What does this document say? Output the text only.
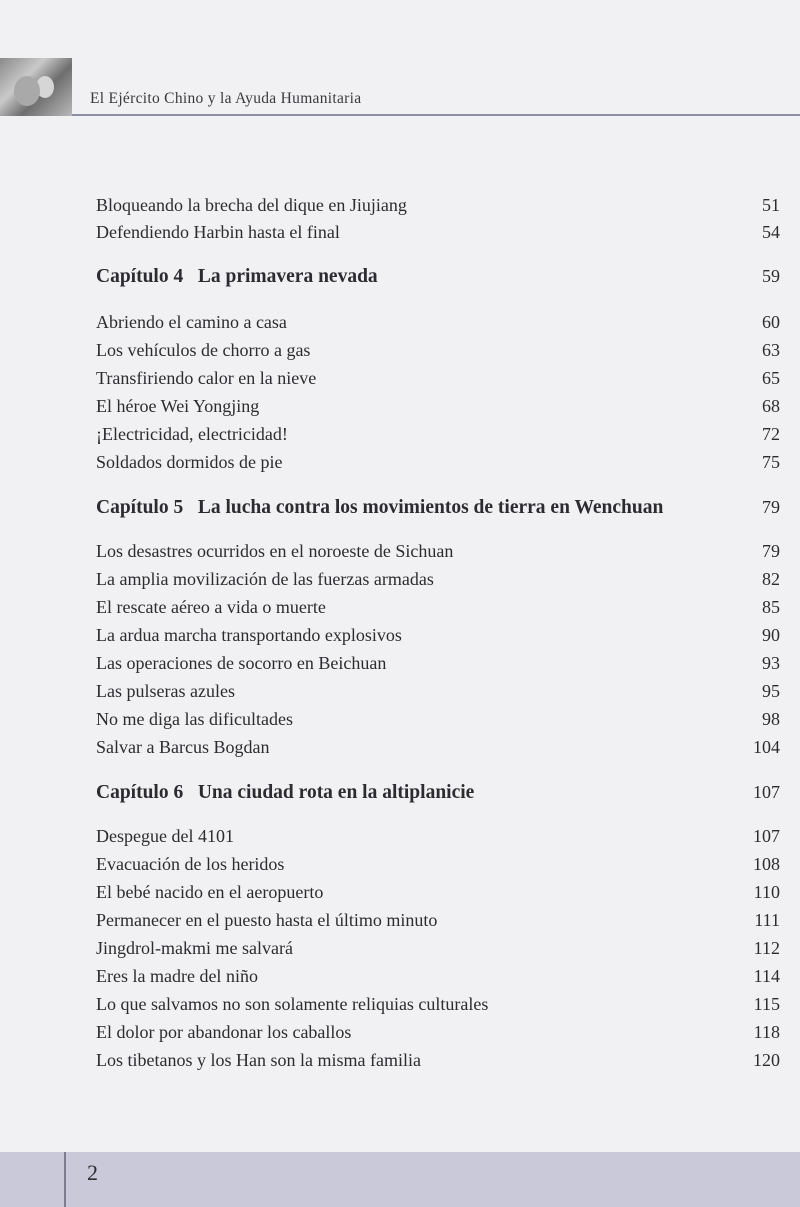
El Ejército Chino y la Ayuda Humanitaria
Bloqueando la brecha del dique en Jiujiang	51
Defendiendo Harbin hasta el final	54
Capítulo 4   La primavera nevada	59
Abriendo el camino a casa	60
Los vehículos de chorro a gas	63
Transfiriendo calor en la nieve	65
El héroe Wei Yongjing	68
¡Electricidad, electricidad!	72
Soldados dormidos de pie	75
Capítulo 5   La lucha contra los movimientos de tierra en Wenchuan	79
Los desastres ocurridos en el noroeste de Sichuan	79
La amplia movilización de las fuerzas armadas	82
El rescate aéreo a vida o muerte	85
La ardua marcha transportando explosivos	90
Las operaciones de socorro en Beichuan	93
Las pulseras azules	95
No me diga las dificultades	98
Salvar a Barcus Bogdan	104
Capítulo 6   Una ciudad rota en la altiplanicie	107
Despegue del 4101	107
Evacuación de los heridos	108
El bebé nacido en el aeropuerto	110
Permanecer en el puesto hasta el último minuto	111
Jingdrol-makmi me salvará	112
Eres la madre del niño	114
Lo que salvamos no son solamente reliquias culturales	115
El dolor por abandonar los caballos	118
Los tibetanos y los Han son la misma familia	120
2
